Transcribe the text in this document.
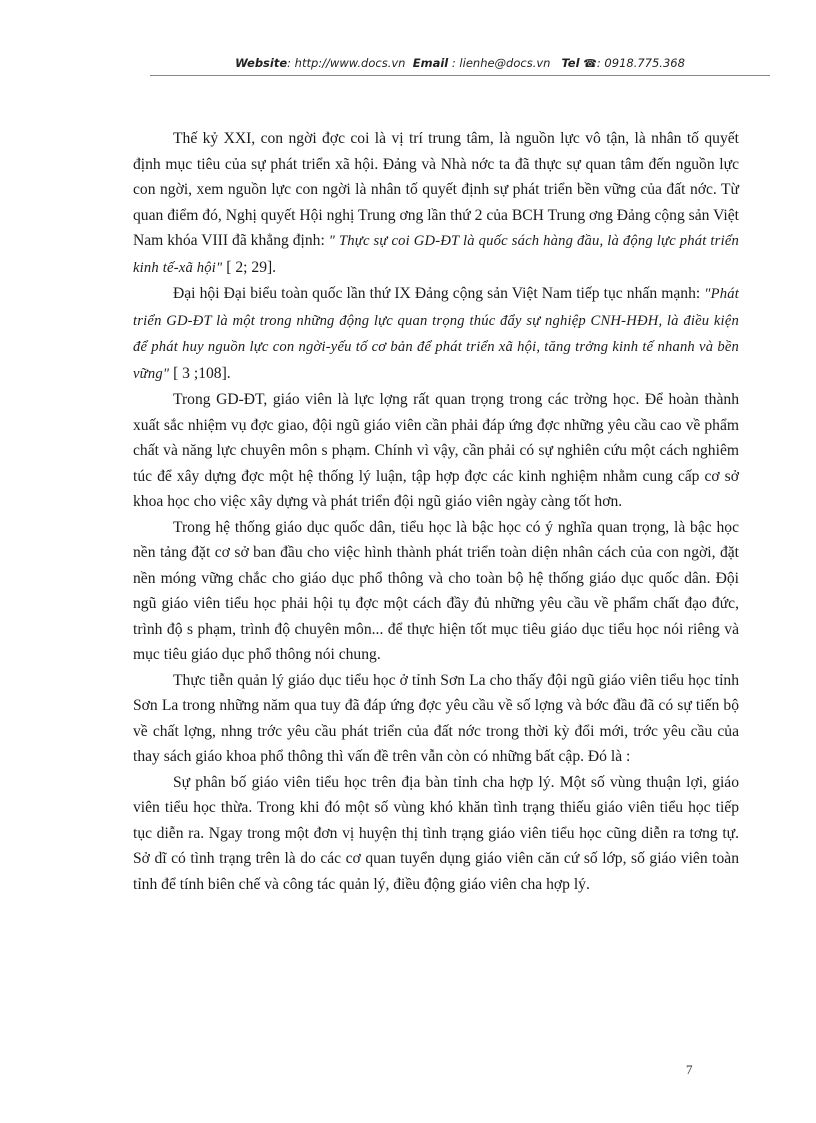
Website: http://www.docs.vn Email : lienhe@docs.vn Tel ☎: 0918.775.368

Thế kỷ XXI, con ngời đợc coi là vị trí trung tâm, là nguồn lực vô tận, là nhân tố quyết định mục tiêu của sự phát triển xã hội. Đảng và Nhà nớc ta đã thực sự quan tâm đến nguồn lực con ngời, xem nguồn lực con ngời là nhân tố quyết định sự phát triển bền vững của đất nớc. Từ quan điểm đó, Nghị quyết Hội nghị Trung ơng lần thứ 2 của BCH Trung ơng Đảng cộng sản Việt Nam khóa VIII đã khẳng định: " Thực sự coi GD-ĐT là quốc sách hàng đầu, là động lực phát triển kinh tế-xã hội" [ 2; 29].

Đại hội Đại biểu toàn quốc lần thứ IX Đảng cộng sản Việt Nam tiếp tục nhấn mạnh: "Phát triển GD-ĐT là một trong những động lực quan trọng thúc đẩy sự nghiệp CNH-HĐH, là điều kiện để phát huy nguồn lực con ngời-yếu tố cơ bản để phát triển xã hội, tăng trởng kinh tế nhanh và bền vững" [ 3 ;108].

Trong GD-ĐT, giáo viên là lực lợng rất quan trọng trong các trờng học. Để hoàn thành xuất sắc nhiệm vụ đợc giao, đội ngũ giáo viên cần phải đáp ứng đợc những yêu cầu cao về phẩm chất và năng lực chuyên môn s phạm. Chính vì vậy, cần phải có sự nghiên cứu một cách nghiêm túc để xây dựng đợc một hệ thống lý luận, tập hợp đợc các kinh nghiệm nhằm cung cấp cơ sở khoa học cho việc xây dựng và phát triển đội ngũ giáo viên ngày càng tốt hơn.

Trong hệ thống giáo dục quốc dân, tiểu học là bậc học có ý nghĩa quan trọng, là bậc học nền tảng đặt cơ sở ban đầu cho việc hình thành phát triển toàn diện nhân cách của con ngời, đặt nền móng vững chắc cho giáo dục phổ thông và cho toàn bộ hệ thống giáo dục quốc dân. Đội ngũ giáo viên tiểu học phải hội tụ đợc một cách đầy đủ những yêu cầu về phẩm chất đạo đức, trình độ s phạm, trình độ chuyên môn... để thực hiện tốt mục tiêu giáo dục tiểu học nói riêng và mục tiêu giáo dục phổ thông nói chung.

Thực tiễn quản lý giáo dục tiểu học ở tỉnh Sơn La cho thấy đội ngũ giáo viên tiểu học tỉnh Sơn La trong những năm qua tuy đã đáp ứng đợc yêu cầu về số lợng và bớc đầu đã có sự tiến bộ về chất lợng, nhng trớc yêu cầu phát triển của đất nớc trong thời kỳ đổi mới, trớc yêu cầu của thay sách giáo khoa phổ thông thì vấn đề trên vẫn còn có những bất cập. Đó là :

Sự phân bố giáo viên tiểu học trên địa bàn tỉnh cha hợp lý. Một số vùng thuận lợi, giáo viên tiểu học thừa. Trong khi đó một số vùng khó khăn tình trạng thiếu giáo viên tiểu học tiếp tục diễn ra. Ngay trong một đơn vị huyện thị tình trạng giáo viên tiểu học cũng diễn ra tơng tự. Sở dĩ có tình trạng trên là do các cơ quan tuyển dụng giáo viên căn cứ số lớp, số giáo viên toàn tỉnh để tính biên chế và công tác quản lý, điều động giáo viên cha hợp lý.

7
